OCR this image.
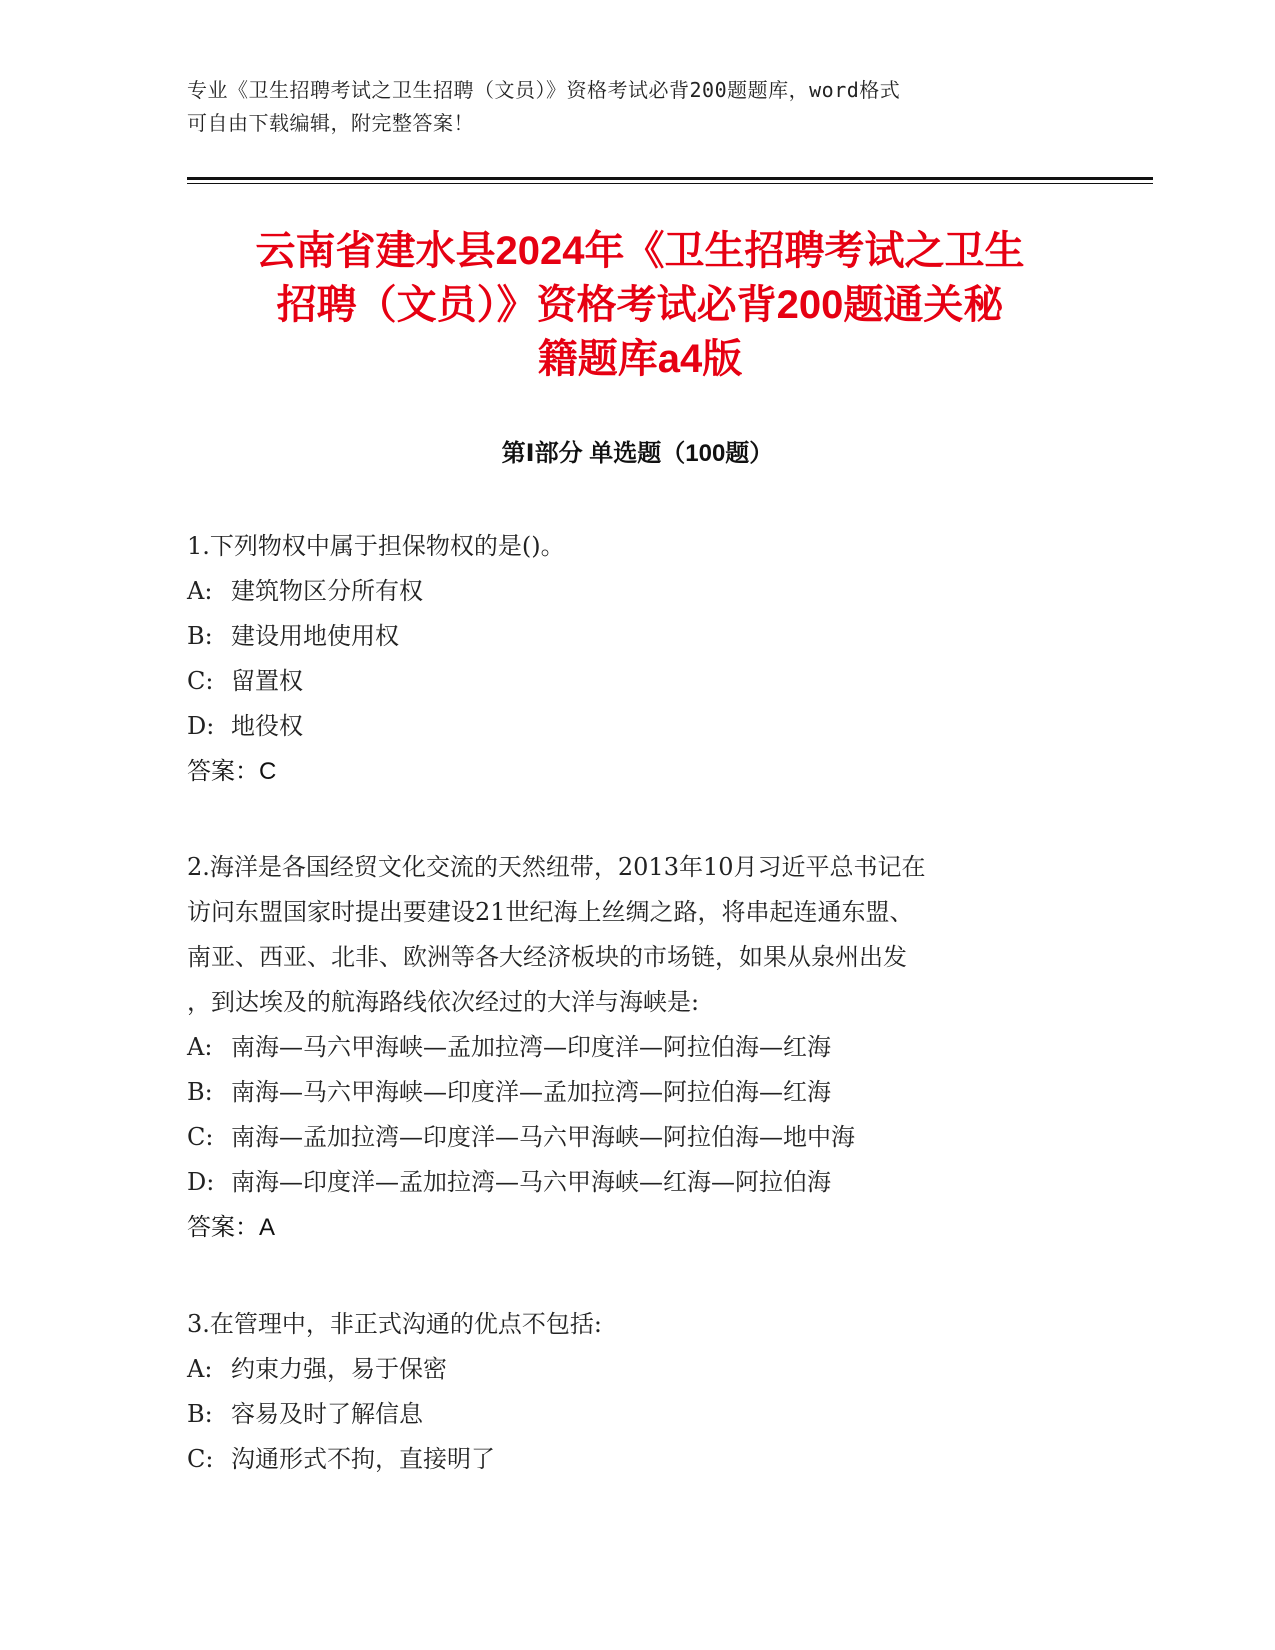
专业《卫生招聘考试之卫生招聘（文员）》资格考试必背200题题库，word格式
可自由下载编辑，附完整答案！
云南省建水县2024年《卫生招聘考试之卫生
招聘（文员）》资格考试必背200题通关秘
籍题库a4版
第Ⅰ部分 单选题（100题）
1.下列物权中属于担保物权的是()。
A: 建筑物区分所有权
B: 建设用地使用权
C: 留置权
D: 地役权
答案：C
2.海洋是各国经贸文化交流的天然纽带，2013年10月习近平总书记在
访问东盟国家时提出要建设21世纪海上丝绸之路，将串起连通东盟、
南亚、西亚、北非、欧洲等各大经济板块的市场链，如果从泉州出发
，到达埃及的航海路线依次经过的大洋与海峡是:
A: 南海—马六甲海峡—孟加拉湾—印度洋—阿拉伯海—红海
B: 南海—马六甲海峡—印度洋—孟加拉湾—阿拉伯海—红海
C: 南海—孟加拉湾—印度洋—马六甲海峡—阿拉伯海—地中海
D: 南海—印度洋—孟加拉湾—马六甲海峡—红海—阿拉伯海
答案：A
3.在管理中，非正式沟通的优点不包括:
A: 约束力强，易于保密
B: 容易及时了解信息
C: 沟通形式不拘，直接明了
